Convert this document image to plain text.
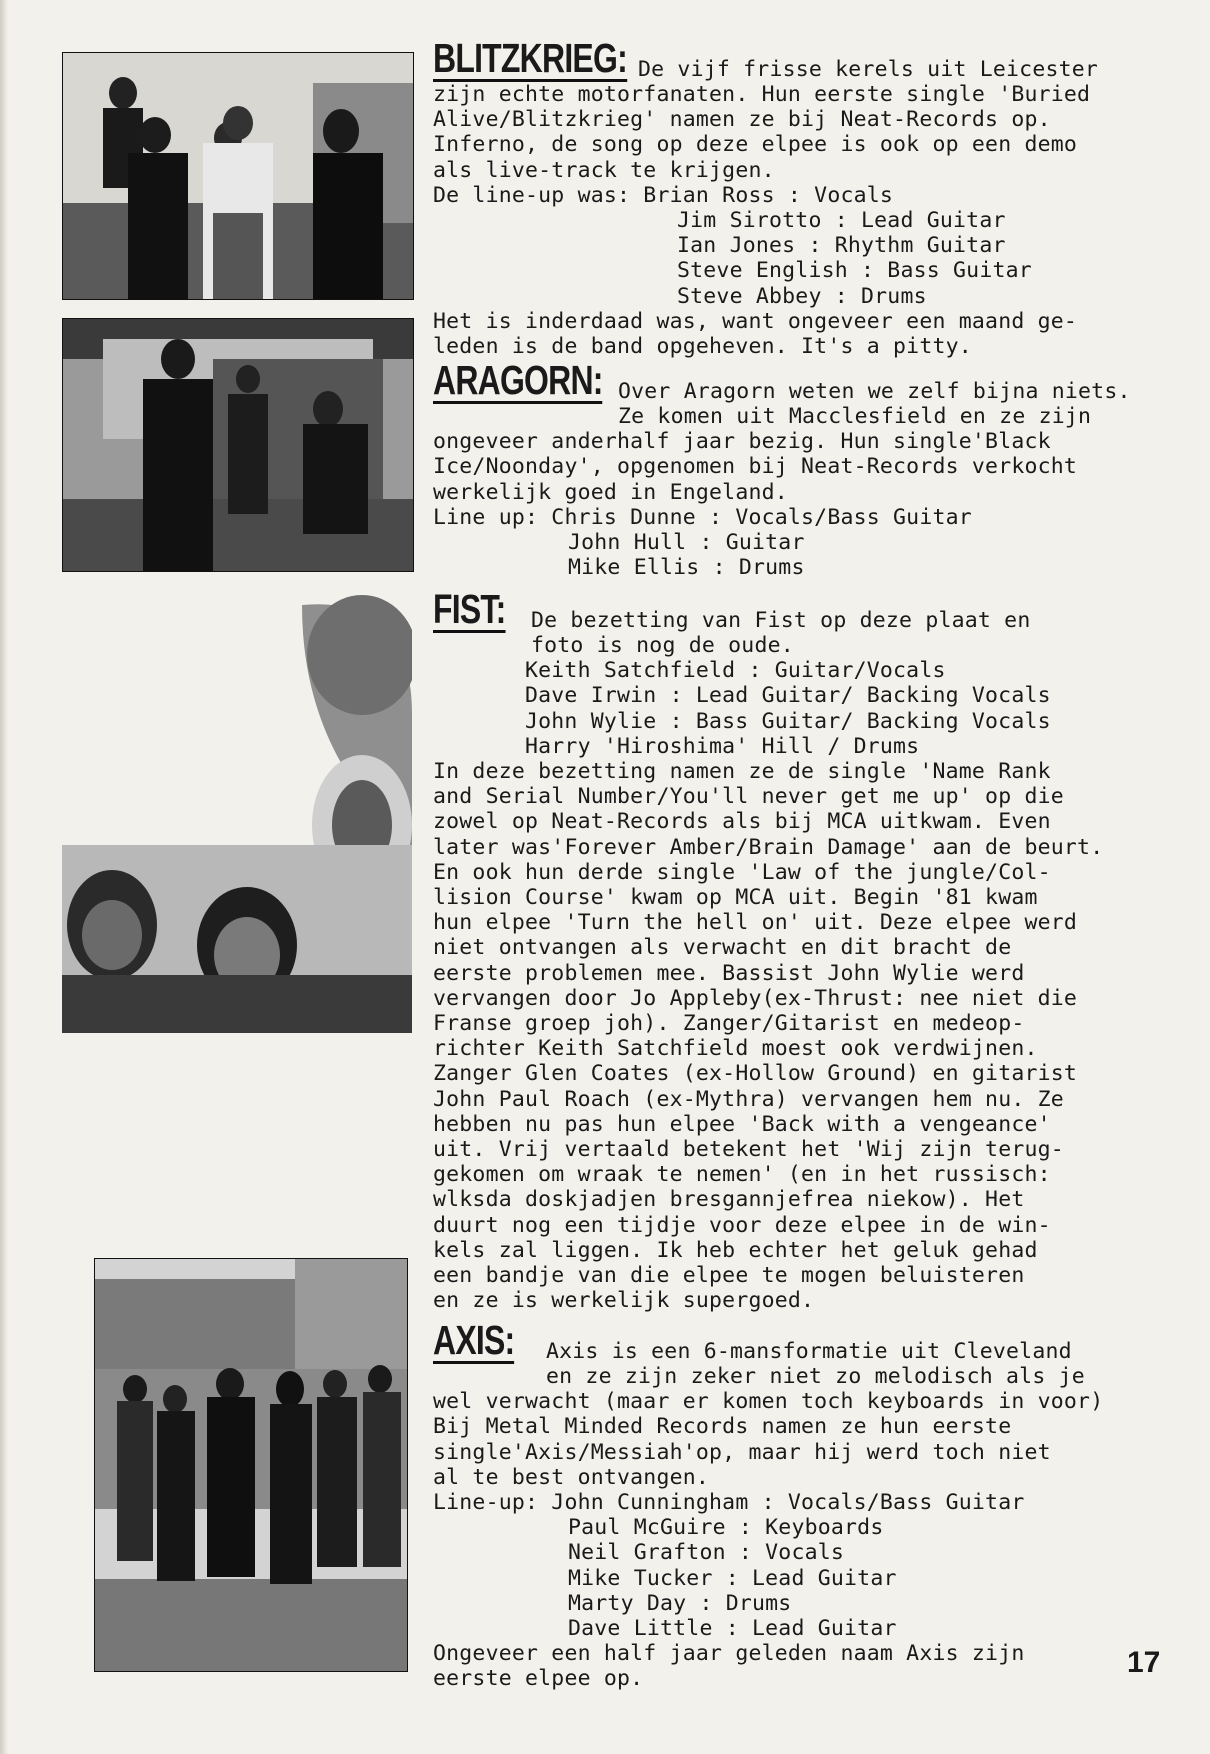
BLITZKRIEG: De vijf frisse kerels uit Leicester

zijn echte motorfanaten. Hun eerste single 'Buried

Alive/Blitzkrieg' namen ze bij Neat-Records op.

Inferno, de song op deze elpee is ook op een demo

als live-track te krijgen.

De line-up was: Brian Ross : Vocals

Jim Sirotto : Lead Guitar

Ian Jones : Rhythm Guitar

Steve English : Bass Guitar

Steve Abbey : Drums

Het is inderdaad was, want ongeveer een maand ge-

leden is de band opgeheven. It's a pitty.

ARAGORN: Over Aragorn weten we zelf bijna niets.

Ze komen uit Macclesfield en ze zijn

ongeveer anderhalf jaar bezig. Hun single'Black

Ice/Noonday', opgenomen bij Neat-Records verkocht

werkelijk goed in Engeland.

Line up: Chris Dunne : Vocals/Bass Guitar

John Hull : Guitar

Mike Ellis : Drums

FIST: De bezetting van Fist op deze plaat en

foto is nog de oude.

Keith Satchfield : Guitar/Vocals

Dave Irwin : Lead Guitar/ Backing Vocals

John Wylie : Bass Guitar/ Backing Vocals

Harry 'Hiroshima' Hill / Drums

In deze bezetting namen ze de single 'Name Rank

and Serial Number/You'll never get me up' op die

zowel op Neat-Records als bij MCA uitkwam. Even

later was'Forever Amber/Brain Damage' aan de beurt.

En ook hun derde single 'Law of the jungle/Col-

lision Course' kwam op MCA uit. Begin '81 kwam

hun elpee 'Turn the hell on' uit. Deze elpee werd

niet ontvangen als verwacht en dit bracht de

eerste problemen mee. Bassist John Wylie werd

vervangen door Jo Appleby(ex-Thrust: nee niet die

Franse groep joh). Zanger/Gitarist en medeop-

richter Keith Satchfield moest ook verdwijnen.

Zanger Glen Coates (ex-Hollow Ground) en gitarist

John Paul Roach (ex-Mythra) vervangen hem nu. Ze

hebben nu pas hun elpee 'Back with a vengeance'

uit. Vrij vertaald betekent het 'Wij zijn terug-

gekomen om wraak te nemen' (en in het russisch:

wlksda doskjadjen bresgannjefrea niekow). Het

duurt nog een tijdje voor deze elpee in de win-

kels zal liggen. Ik heb echter het geluk gehad

een bandje van die elpee te mogen beluisteren

en ze is werkelijk supergoed.

AXIS: Axis is een 6-mansformatie uit Cleveland

en ze zijn zeker niet zo melodisch als je

wel verwacht (maar er komen toch keyboards in voor)

Bij Metal Minded Records namen ze hun eerste

single'Axis/Messiah'op, maar hij werd toch niet

al te best ontvangen.

Line-up: John Cunningham : Vocals/Bass Guitar

Paul McGuire : Keyboards

Neil Grafton : Vocals

Mike Tucker : Lead Guitar

Marty Day : Drums

Dave Little : Lead Guitar

Ongeveer een half jaar geleden naam Axis zijn

eerste elpee op.	17
